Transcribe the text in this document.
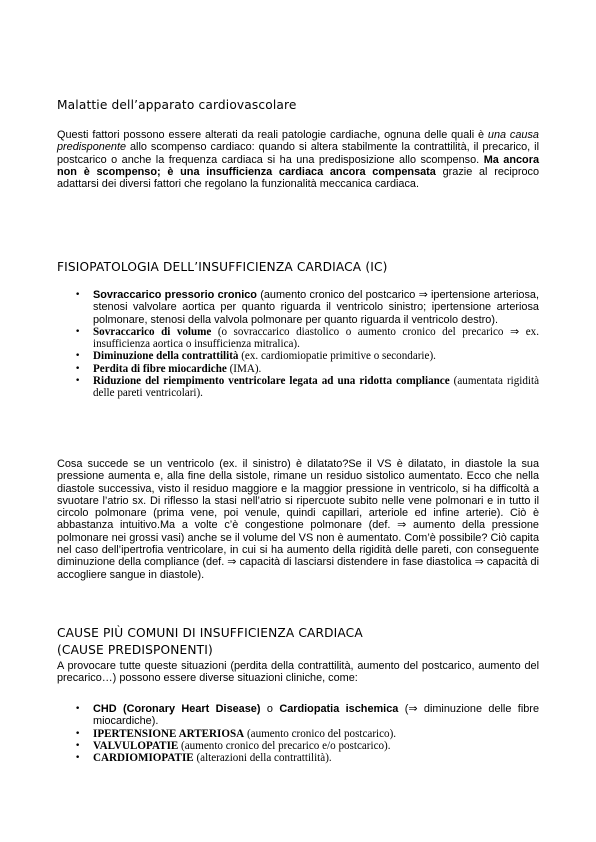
Malattie dell’apparato cardiovascolare

Questi fattori possono essere alterati da reali patologie cardiache, ognuna delle quali è una causa predisponente allo scompenso cardiaco: quando si altera stabilmente la contrattilità, il precarico, il postcarico o anche la frequenza cardiaca si ha una predisposizione allo scompenso. Ma ancora non è scompenso; è una insufficienza cardiaca ancora compensata grazie al reciproco adattarsi dei diversi fattori che regolano la funzionalità meccanica cardiaca.

FISIOPATOLOGIA DELL’INSUFFICIENZA CARDIACA (IC)
•	Sovraccarico pressorio cronico (aumento cronico del postcarico ⇒ ipertensione arteriosa, stenosi valvolare aortica per quanto riguarda il ventricolo sinistro; ipertensione arteriosa polmonare, stenosi della valvola polmonare per quanto riguarda il ventricolo destro).
•	Sovraccarico di volume (o sovraccarico diastolico o aumento cronico del precarico ⇒ ex. insufficienza aortica o insufficienza mitralica).
•	Diminuzione della contrattilità (ex. cardiomiopatie primitive o secondarie).
•	Perdita di fibre miocardiche (IMA).
•	Riduzione del riempimento ventricolare legata ad una ridotta compliance (aumentata rigidità delle pareti ventricolari).

Cosa succede se un ventricolo (ex. il sinistro) è dilatato?Se il VS è dilatato, in diastole la sua pressione aumenta e, alla fine della sistole, rimane un residuo sistolico aumentato. Ecco che nella diastole successiva, visto il residuo maggiore e la maggior pressione in ventricolo, si ha difficoltà a svuotare l’atrio sx. Di riflesso la stasi nell’atrio si ripercuote subito nelle vene polmonari e in tutto il circolo polmonare (prima vene, poi venule, quindi capillari, arteriole ed infine arterie). Ciò è abbastanza intuitivo.Ma a volte c’è congestione polmonare (def. ⇒ aumento della pressione polmonare nei grossi vasi) anche se il volume del VS non è aumentato. Com’è possibile? Ciò capita nel caso dell’ipertrofia ventricolare, in cui si ha aumento della rigidità delle pareti, con conseguente diminuzione della compliance (def. ⇒ capacità di lasciarsi distendere in fase diastolica ⇒ capacità di accogliere sangue in diastole).

CAUSE PIÙ COMUNI DI INSUFFICIENZA CARDIACA
(CAUSE PREDISPONENTI)

A provocare tutte queste situazioni (perdita della contrattilità, aumento del postcarico, aumento del precarico…) possono essere diverse situazioni cliniche, come:

•	CHD (Coronary Heart Disease) o Cardiopatia ischemica (⇒ diminuzione delle fibre miocardiche).
•	IPERTENSIONE ARTERIOSA (aumento cronico del postcarico).
•	VALVULOPATIE (aumento cronico del precarico e/o postcarico).
•	CARDIOMIOPATIE (alterazioni della contrattilità).
